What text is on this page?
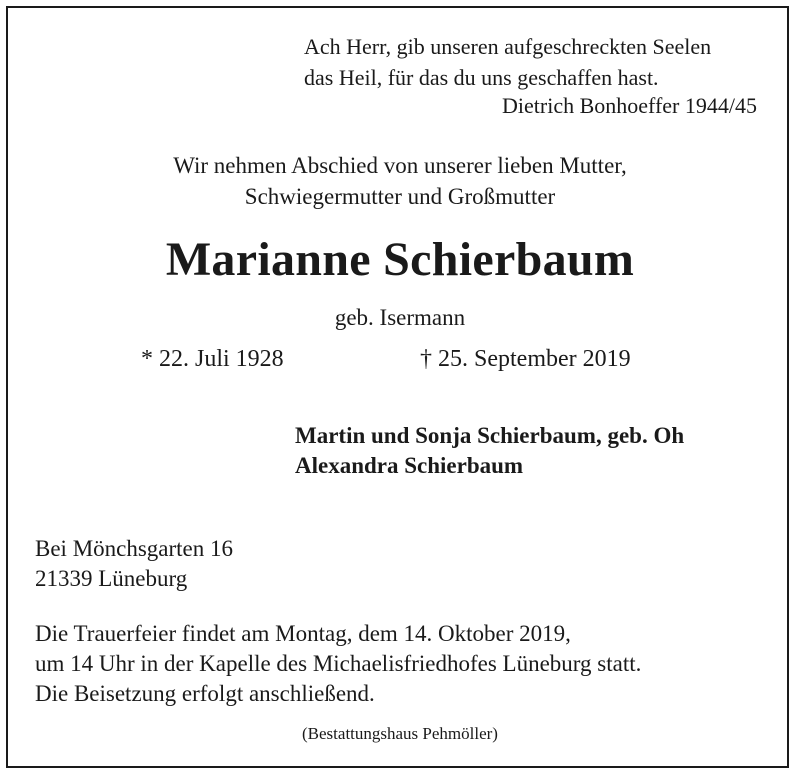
Ach Herr, gib unseren aufgeschreckten Seelen

das Heil, für das du uns geschaffen hast.

Dietrich Bonhoeffer 1944/45

Wir nehmen Abschied von unserer lieben Mutter,

Schwiegermutter und Großmutter

Marianne Schierbaum

geb. Isermann

* 22. Juli 1928	† 25. September 2019

Martin und Sonja Schierbaum, geb. Oh

Alexandra Schierbaum

Bei Mönchsgarten 16

21339 Lüneburg

Die Trauerfeier findet am Montag, dem 14. Oktober 2019,

um 14 Uhr in der Kapelle des Michaelisfriedhofes Lüneburg statt.

Die Beisetzung erfolgt anschließend.

(Bestattungshaus Pehmöller)
